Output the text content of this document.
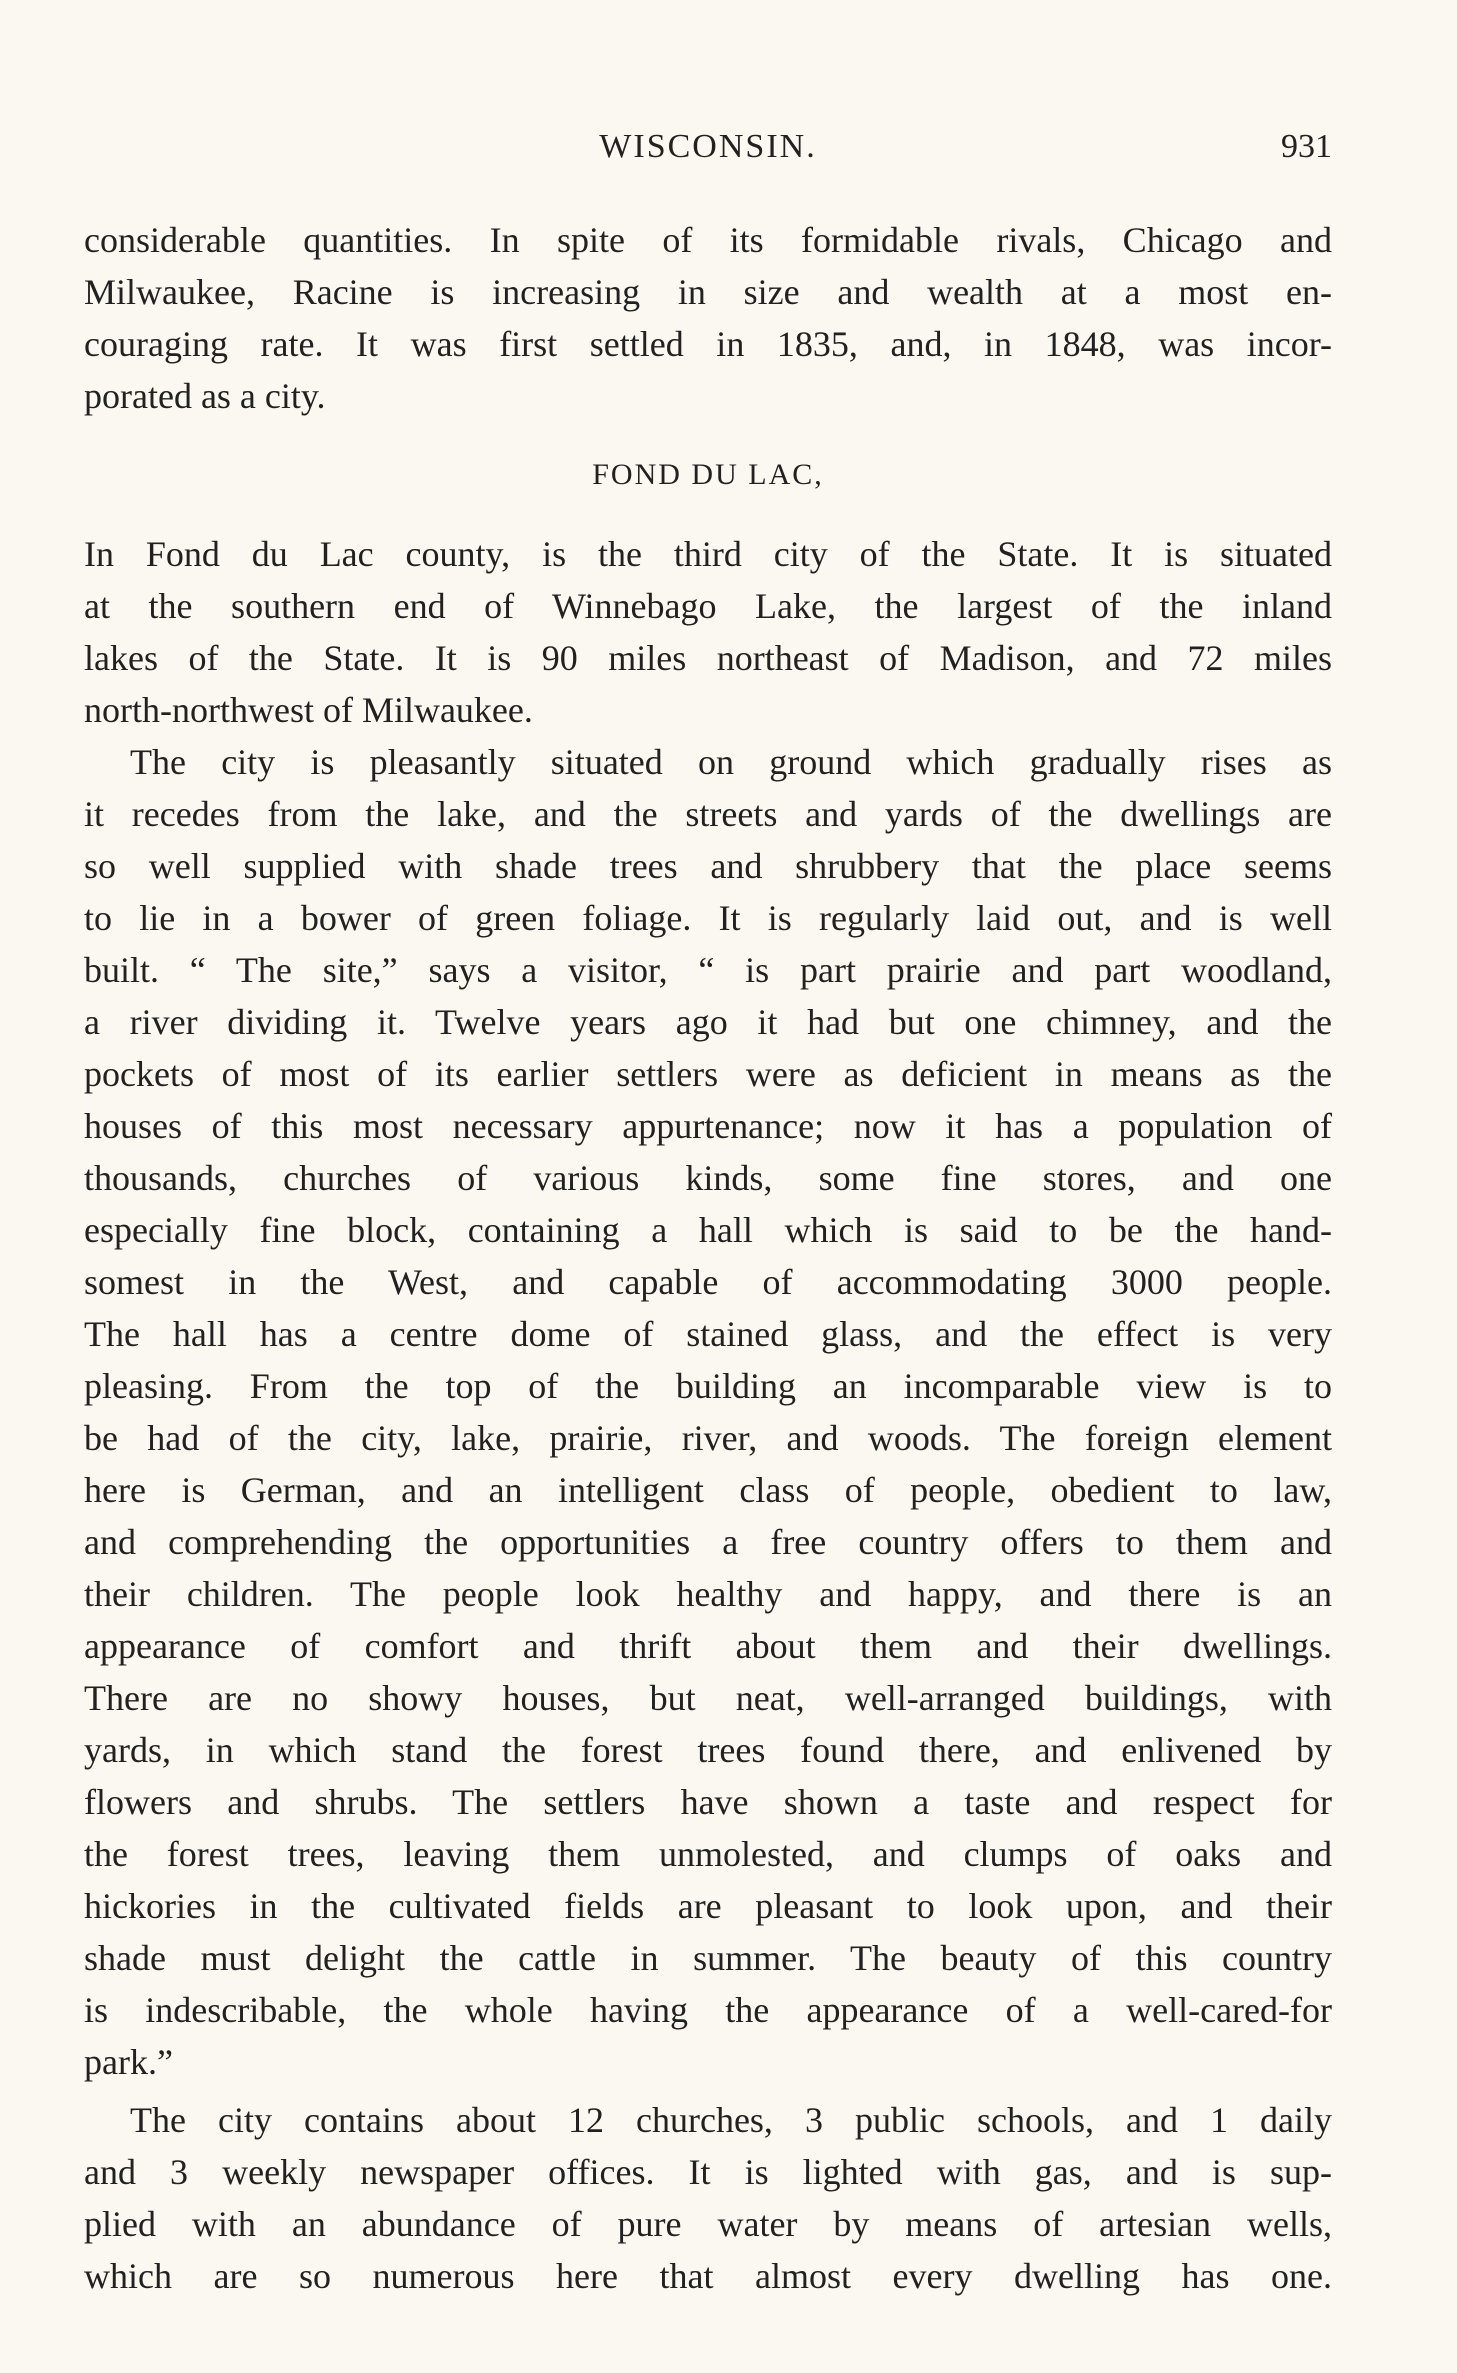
WISCONSIN.	931
considerable quantities. In spite of its formidable rivals, Chicago and
Milwaukee, Racine is increasing in size and wealth at a most en-
couraging rate. It was first settled in 1835, and, in 1848, was incor-
porated as a city.
FOND DU LAC,
In Fond du Lac county, is the third city of the State. It is situated
at the southern end of Winnebago Lake, the largest of the inland
lakes of the State. It is 90 miles northeast of Madison, and 72 miles
north-northwest of Milwaukee.
The city is pleasantly situated on ground which gradually rises as
it recedes from the lake, and the streets and yards of the dwellings are
so well supplied with shade trees and shrubbery that the place seems
to lie in a bower of green foliage. It is regularly laid out, and is well
built. “ The site,” says a visitor, “ is part prairie and part woodland,
a river dividing it. Twelve years ago it had but one chimney, and the
pockets of most of its earlier settlers were as deficient in means as the
houses of this most necessary appurtenance; now it has a population of
thousands, churches of various kinds, some fine stores, and one
especially fine block, containing a hall which is said to be the hand-
somest in the West, and capable of accommodating 3000 people.
The hall has a centre dome of stained glass, and the effect is very
pleasing. From the top of the building an incomparable view is to
be had of the city, lake, prairie, river, and woods. The foreign element
here is German, and an intelligent class of people, obedient to law,
and comprehending the opportunities a free country offers to them and
their children. The people look healthy and happy, and there is an
appearance of comfort and thrift about them and their dwellings.
There are no showy houses, but neat, well-arranged buildings, with
yards, in which stand the forest trees found there, and enlivened by
flowers and shrubs. The settlers have shown a taste and respect for
the forest trees, leaving them unmolested, and clumps of oaks and
hickories in the cultivated fields are pleasant to look upon, and their
shade must delight the cattle in summer. The beauty of this country
is indescribable, the whole having the appearance of a well-cared-for
park.”
The city contains about 12 churches, 3 public schools, and 1 daily
and 3 weekly newspaper offices. It is lighted with gas, and is sup-
plied with an abundance of pure water by means of artesian wells,
which are so numerous here that almost every dwelling has one.
